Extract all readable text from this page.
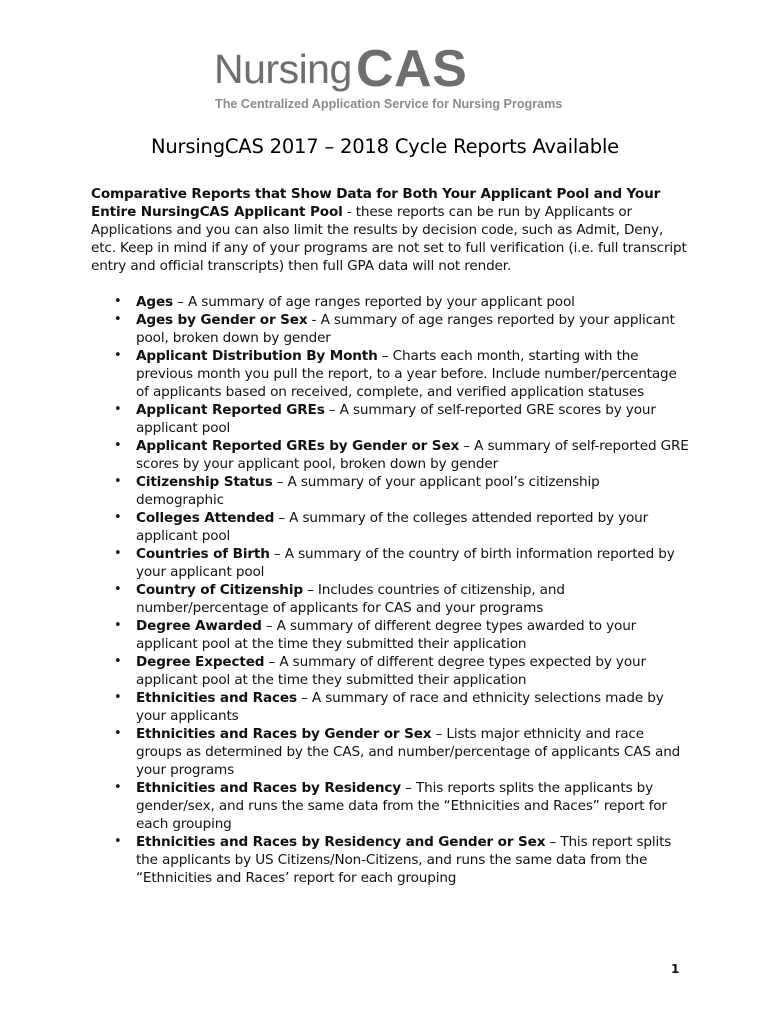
Nursing CAS
The Centralized Application Service for Nursing Programs
NursingCAS 2017 – 2018 Cycle Reports Available

Comparative Reports that Show Data for Both Your Applicant Pool and Your Entire NursingCAS Applicant Pool - these reports can be run by Applicants or Applications and you can also limit the results by decision code, such as Admit, Deny, etc. Keep in mind if any of your programs are not set to full verification (i.e. full transcript entry and official transcripts) then full GPA data will not render.

• Ages – A summary of age ranges reported by your applicant pool
• Ages by Gender or Sex - A summary of age ranges reported by your applicant pool, broken down by gender
• Applicant Distribution By Month – Charts each month, starting with the previous month you pull the report, to a year before. Include number/percentage of applicants based on received, complete, and verified application statuses
• Applicant Reported GREs – A summary of self-reported GRE scores by your applicant pool
• Applicant Reported GREs by Gender or Sex – A summary of self-reported GRE scores by your applicant pool, broken down by gender
• Citizenship Status – A summary of your applicant pool’s citizenship demographic
• Colleges Attended – A summary of the colleges attended reported by your applicant pool
• Countries of Birth – A summary of the country of birth information reported by your applicant pool
• Country of Citizenship – Includes countries of citizenship, and number/percentage of applicants for CAS and your programs
• Degree Awarded – A summary of different degree types awarded to your applicant pool at the time they submitted their application
• Degree Expected – A summary of different degree types expected by your applicant pool at the time they submitted their application
• Ethnicities and Races – A summary of race and ethnicity selections made by your applicants
• Ethnicities and Races by Gender or Sex – Lists major ethnicity and race groups as determined by the CAS, and number/percentage of applicants CAS and your programs
• Ethnicities and Races by Residency – This reports splits the applicants by gender/sex, and runs the same data from the “Ethnicities and Races” report for each grouping
• Ethnicities and Races by Residency and Gender or Sex – This report splits the applicants by US Citizens/Non-Citizens, and runs the same data from the “Ethnicities and Races’ report for each grouping
1
